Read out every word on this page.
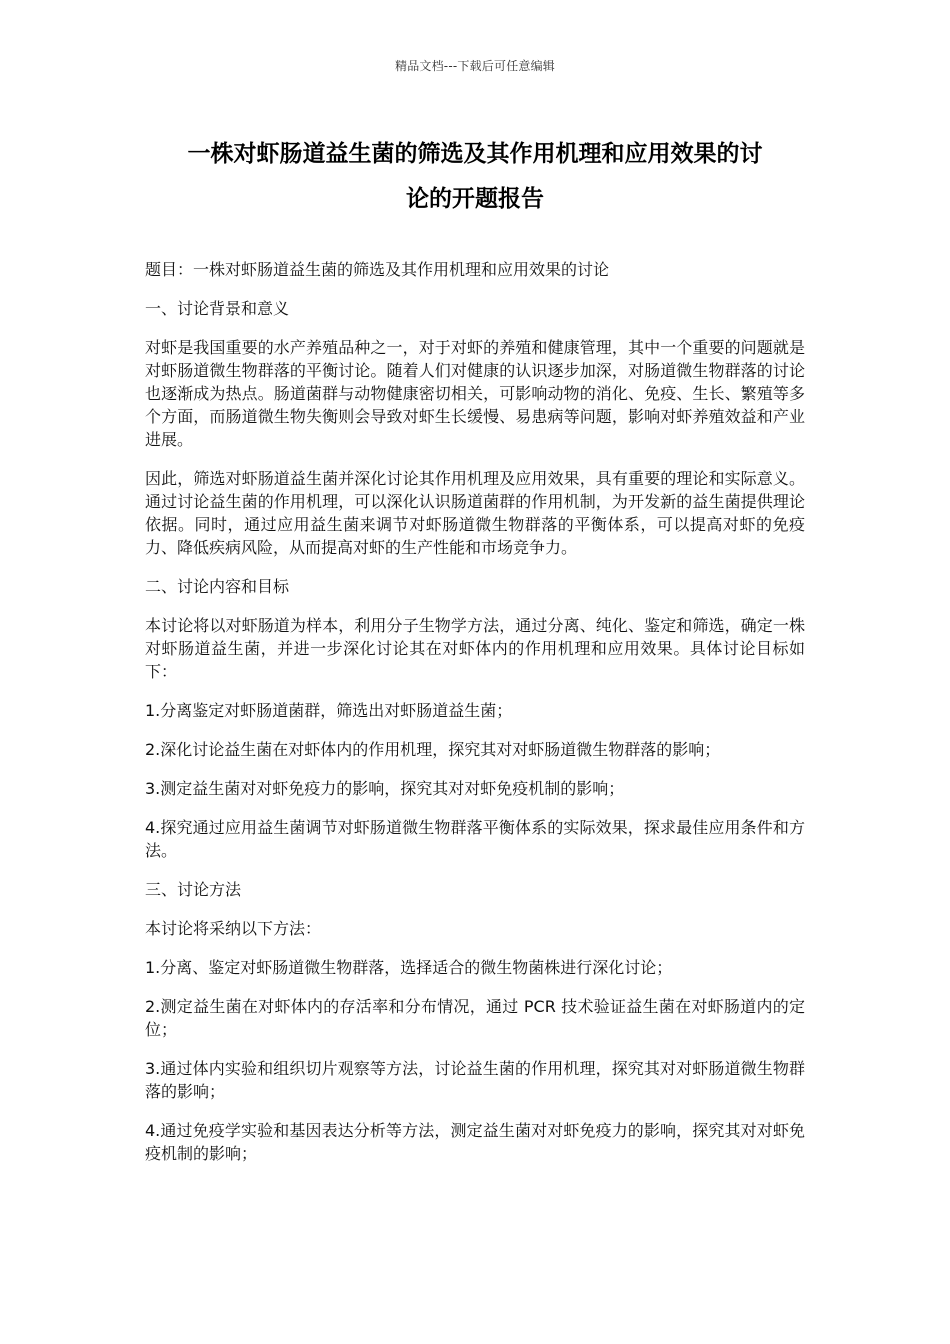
精品文档---下载后可任意编辑
一株对虾肠道益生菌的筛选及其作用机理和应用效果的讨
论的开题报告

题目：一株对虾肠道益生菌的筛选及其作用机理和应用效果的讨论

一、讨论背景和意义

对虾是我国重要的水产养殖品种之一，对于对虾的养殖和健康管理，其中一个重要的问题就是对虾肠道微生物群落的平衡讨论。随着人们对健康的认识逐步加深，对肠道微生物群落的讨论也逐渐成为热点。肠道菌群与动物健康密切相关，可影响动物的消化、免疫、生长、繁殖等多个方面，而肠道微生物失衡则会导致对虾生长缓慢、易患病等问题，影响对虾养殖效益和产业进展。

因此，筛选对虾肠道益生菌并深化讨论其作用机理及应用效果，具有重要的理论和实际意义。通过讨论益生菌的作用机理，可以深化认识肠道菌群的作用机制，为开发新的益生菌提供理论依据。同时，通过应用益生菌来调节对虾肠道微生物群落的平衡体系，可以提高对虾的免疫力、降低疾病风险，从而提高对虾的生产性能和市场竞争力。

二、讨论内容和目标

本讨论将以对虾肠道为样本，利用分子生物学方法，通过分离、纯化、鉴定和筛选，确定一株对虾肠道益生菌，并进一步深化讨论其在对虾体内的作用机理和应用效果。具体讨论目标如下：

1.分离鉴定对虾肠道菌群，筛选出对虾肠道益生菌；

2.深化讨论益生菌在对虾体内的作用机理，探究其对对虾肠道微生物群落的影响；

3.测定益生菌对对虾免疫力的影响，探究其对对虾免疫机制的影响；

4.探究通过应用益生菌调节对虾肠道微生物群落平衡体系的实际效果，探求最佳应用条件和方法。

三、讨论方法

本讨论将采纳以下方法：

1.分离、鉴定对虾肠道微生物群落，选择适合的微生物菌株进行深化讨论；

2.测定益生菌在对虾体内的存活率和分布情况，通过 PCR 技术验证益生菌在对虾肠道内的定位；

3.通过体内实验和组织切片观察等方法，讨论益生菌的作用机理，探究其对对虾肠道微生物群落的影响；

4.通过免疫学实验和基因表达分析等方法，测定益生菌对对虾免疫力的影响，探究其对对虾免疫机制的影响；
